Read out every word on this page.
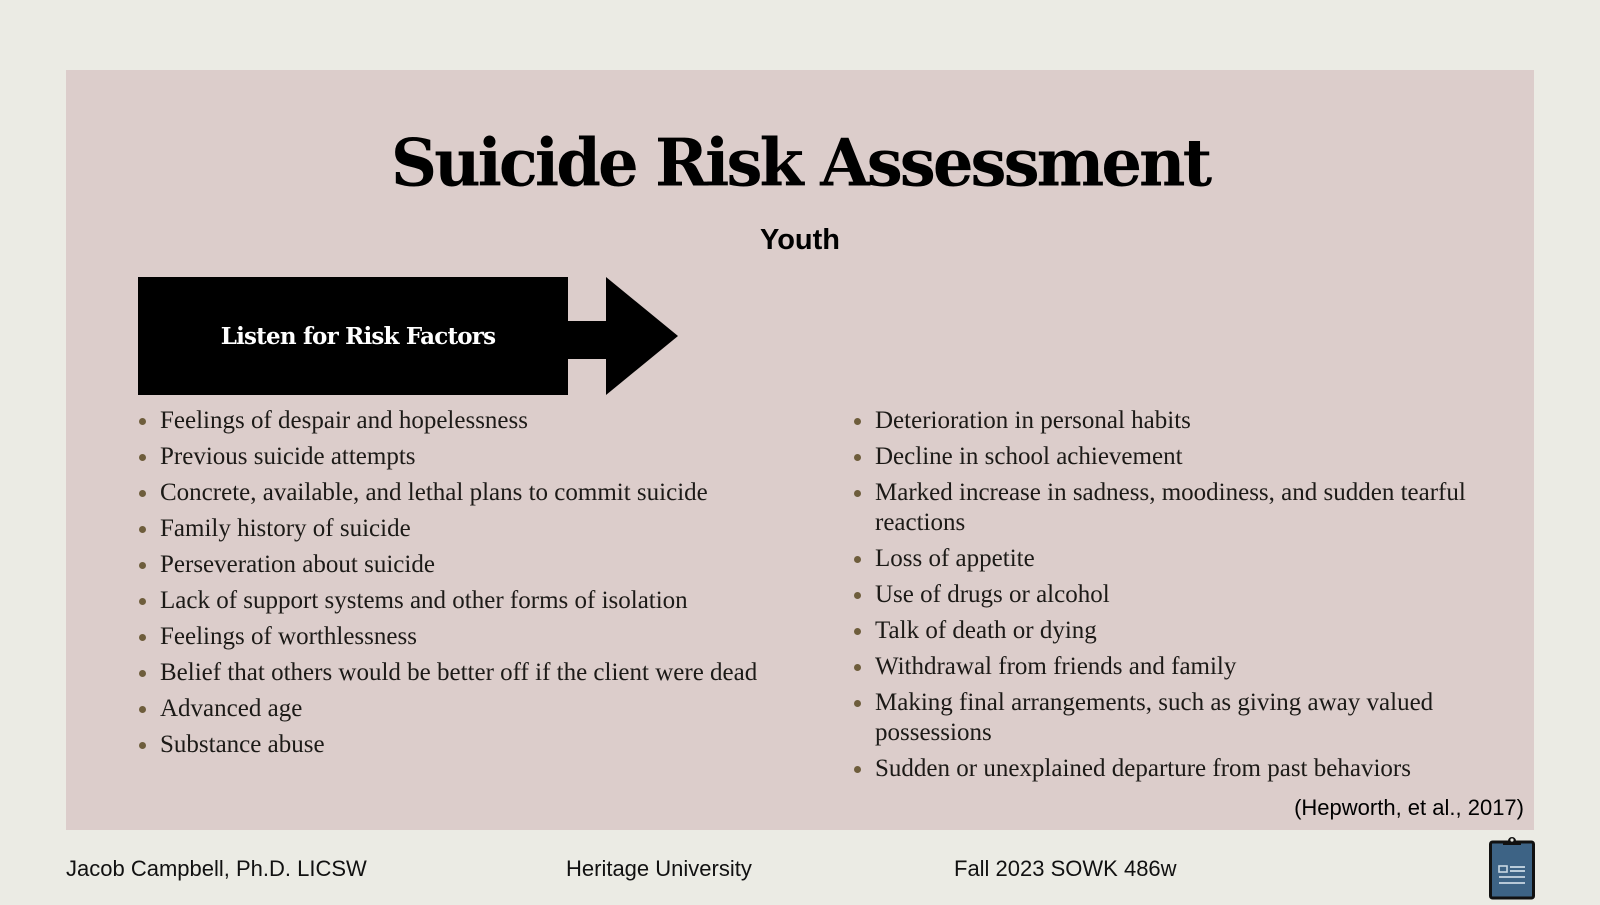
Suicide Risk Assessment
Youth
Listen for Risk Factors
Feelings of despair and hopelessness
Previous suicide attempts
Concrete, available, and lethal plans to commit suicide
Family history of suicide
Perseveration about suicide
Lack of support systems and other forms of isolation
Feelings of worthlessness
Belief that others would be better off if the client were dead
Advanced age
Substance abuse
Deterioration in personal habits
Decline in school achievement
Marked increase in sadness, moodiness, and sudden tearful reactions
Loss of appetite
Use of drugs or alcohol
Talk of death or dying
Withdrawal from friends and family
Making final arrangements, such as giving away valued possessions
Sudden or unexplained departure from past behaviors
(Hepworth, et al., 2017)
Jacob Campbell, Ph.D. LICSW	Heritage University	Fall 2023 SOWK 486w
